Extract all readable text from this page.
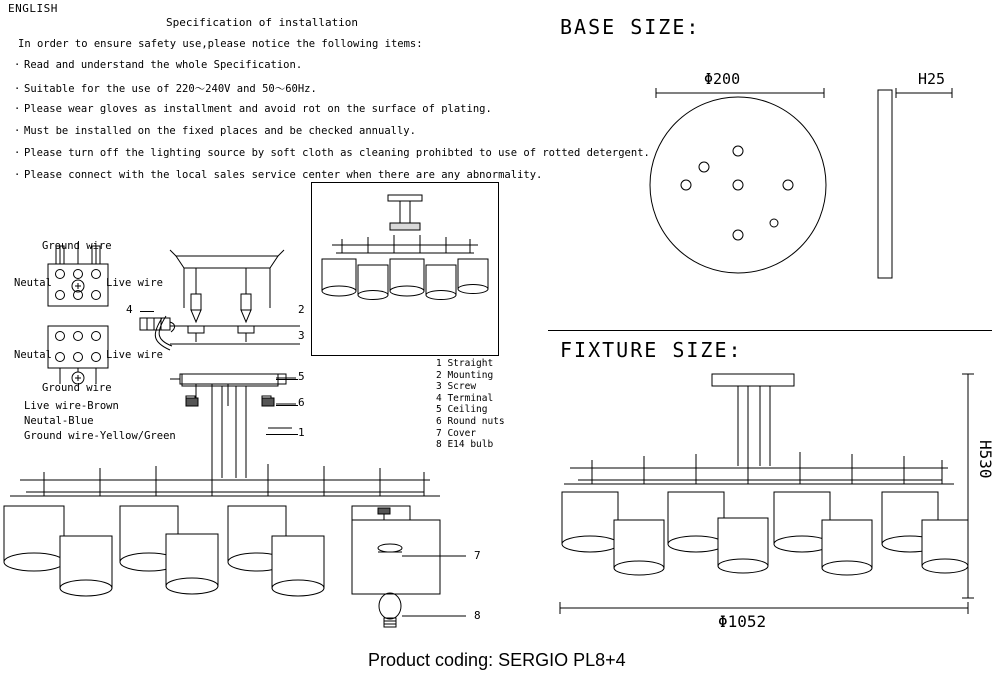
ENGLISH
Specification of installation
In order to ensure safety use,please notice the following items:
· Read and understand the whole Specification.
· Suitable for the use of 220～240V and 50～60Hz.
· Please wear gloves as installment and avoid rot on the surface of plating.
· Must be installed on the fixed places and be checked annually.
· Please turn off the lighting source by soft cloth as cleaning prohibted to use of rotted detergent.
· Please connect with the local sales service center when there are any abnormality.
Ground wire
Neutal	Live wire
Neutal	Live wire
Ground wire
Live wire-Brown
Neutal-Blue
Ground wire-Yellow/Green
1 Straight
2 Mounting
3 Screw
4 Terminal
5 Ceiling
6 Round nuts
7 Cover
8 E14 bulb
2
3
4
5
6
1
7
8
BASE SIZE:
Φ200	H25
FIXTURE SIZE:
H530
Φ1052
Product coding: SERGIO PL8+4
